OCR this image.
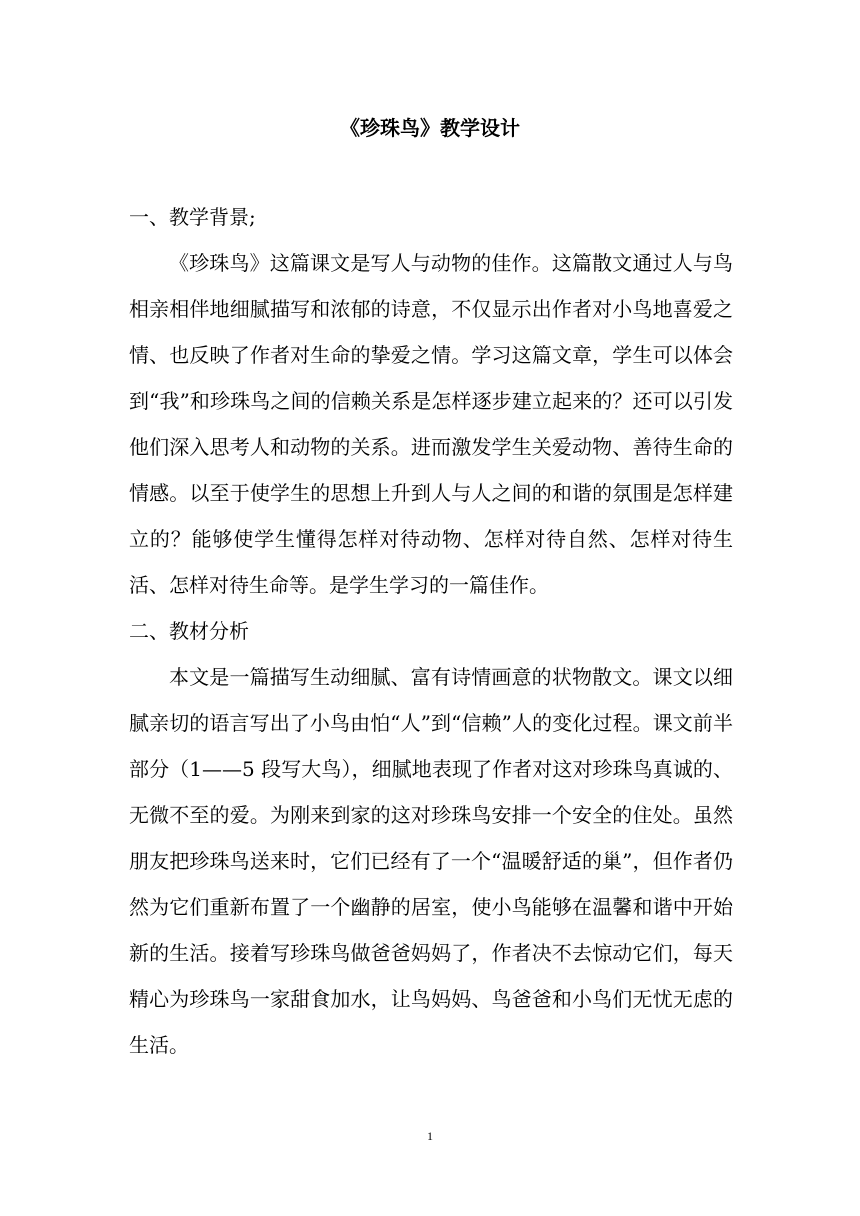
《珍珠鸟》教学设计

一、教学背景;

《珍珠鸟》这篇课文是写人与动物的佳作。这篇散文通过人与鸟相亲相伴地细腻描写和浓郁的诗意，不仅显示出作者对小鸟地喜爱之情、也反映了作者对生命的挚爱之情。学习这篇文章，学生可以体会到“我”和珍珠鸟之间的信赖关系是怎样逐步建立起来的？还可以引发他们深入思考人和动物的关系。进而激发学生关爱动物、善待生命的情感。以至于使学生的思想上升到人与人之间的和谐的氛围是怎样建立的？能够使学生懂得怎样对待动物、怎样对待自然、怎样对待生活、怎样对待生命等。是学生学习的一篇佳作。

二、教材分析

本文是一篇描写生动细腻、富有诗情画意的状物散文。课文以细腻亲切的语言写出了小鸟由怕“人”到“信赖”人的变化过程。课文前半部分（1——5 段写大鸟），细腻地表现了作者对这对珍珠鸟真诚的、无微不至的爱。为刚来到家的这对珍珠鸟安排一个安全的住处。虽然朋友把珍珠鸟送来时，它们已经有了一个“温暖舒适的巢”，但作者仍然为它们重新布置了一个幽静的居室，使小鸟能够在温馨和谐中开始新的生活。接着写珍珠鸟做爸爸妈妈了，作者决不去惊动它们，每天精心为珍珠鸟一家甜食加水，让鸟妈妈、鸟爸爸和小鸟们无忧无虑的生活。

1
